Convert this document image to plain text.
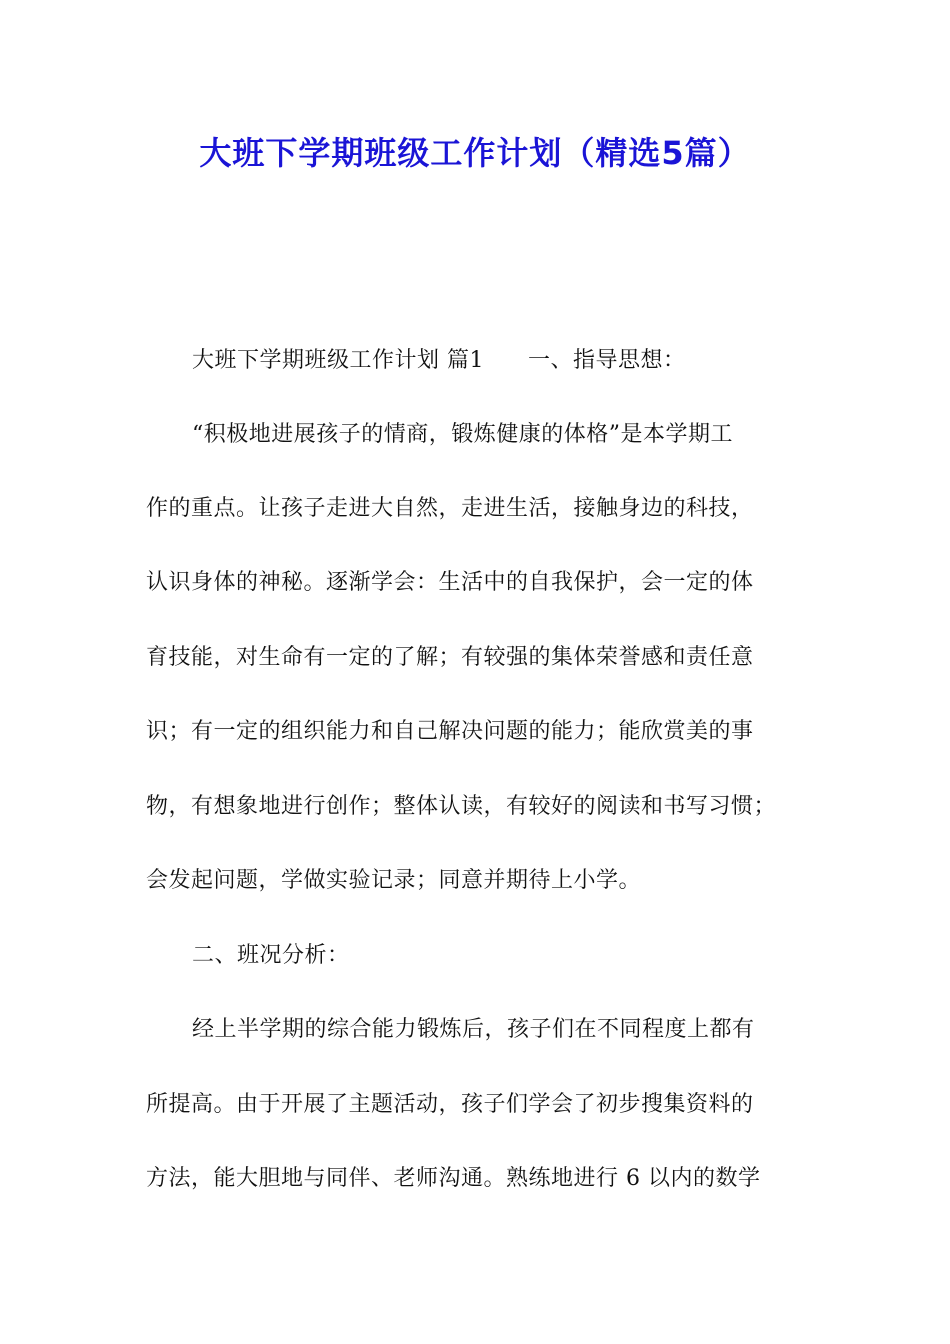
大班下学期班级工作计划（精选5篇）
大班下学期班级工作计划 篇1 一、指导思想：
“积极地进展孩子的情商，锻炼健康的体格”是本学期工
作的重点。让孩子走进大自然，走进生活，接触身边的科技，
认识身体的神秘。逐渐学会：生活中的自我保护，会一定的体
育技能，对生命有一定的了解；有较强的集体荣誉感和责任意
识；有一定的组织能力和自己解决问题的能力；能欣赏美的事
物，有想象地进行创作；整体认读，有较好的阅读和书写习惯；
会发起问题，学做实验记录；同意并期待上小学。
二、班况分析：
经上半学期的综合能力锻炼后，孩子们在不同程度上都有
所提高。由于开展了主题活动，孩子们学会了初步搜集资料的
方法，能大胆地与同伴、老师沟通。熟练地进行 6 以内的数学
